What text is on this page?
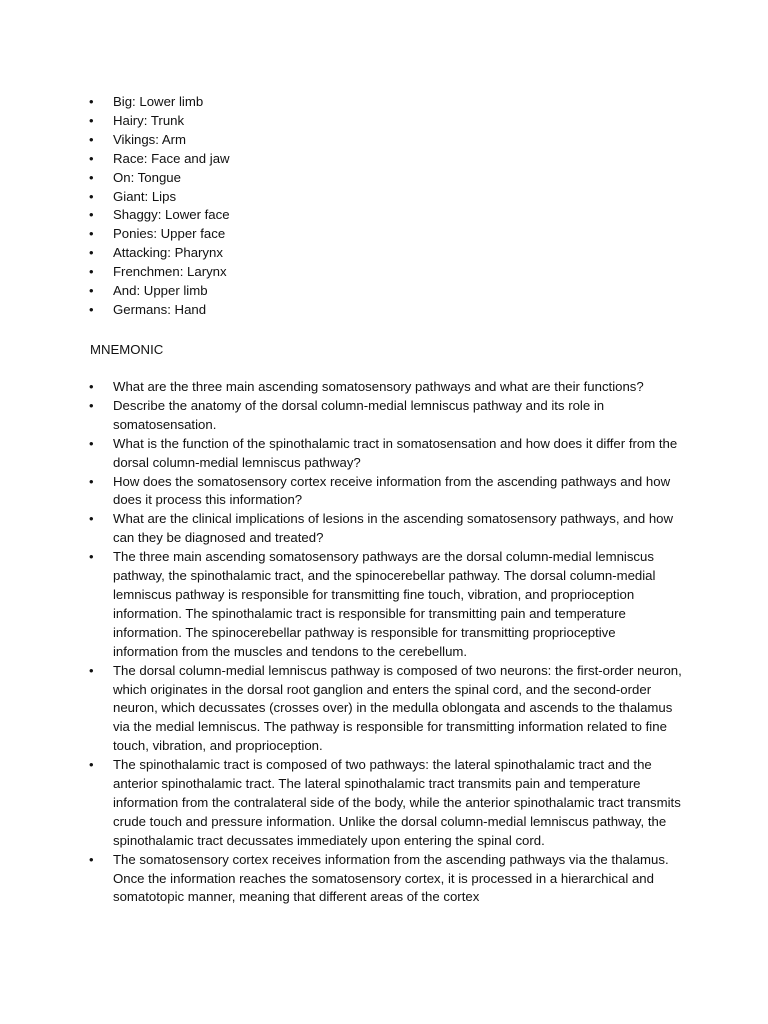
• Big: Lower limb
• Hairy: Trunk
• Vikings: Arm
• Race: Face and jaw
• On: Tongue
• Giant: Lips
• Shaggy: Lower face
• Ponies: Upper face
• Attacking: Pharynx
• Frenchmen: Larynx
• And: Upper limb
• Germans: Hand

MNEMONIC

• What are the three main ascending somatosensory pathways and what are their functions?
• Describe the anatomy of the dorsal column-medial lemniscus pathway and its role in somatosensation.
• What is the function of the spinothalamic tract in somatosensation and how does it differ from the dorsal column-medial lemniscus pathway?
• How does the somatosensory cortex receive information from the ascending pathways and how does it process this information?
• What are the clinical implications of lesions in the ascending somatosensory pathways, and how can they be diagnosed and treated?
• The three main ascending somatosensory pathways are the dorsal column-medial lemniscus pathway, the spinothalamic tract, and the spinocerebellar pathway. The dorsal column-medial lemniscus pathway is responsible for transmitting fine touch, vibration, and proprioception information. The spinothalamic tract is responsible for transmitting pain and temperature information. The spinocerebellar pathway is responsible for transmitting proprioceptive information from the muscles and tendons to the cerebellum.
• The dorsal column-medial lemniscus pathway is composed of two neurons: the first-order neuron, which originates in the dorsal root ganglion and enters the spinal cord, and the second-order neuron, which decussates (crosses over) in the medulla oblongata and ascends to the thalamus via the medial lemniscus. The pathway is responsible for transmitting information related to fine touch, vibration, and proprioception.
• The spinothalamic tract is composed of two pathways: the lateral spinothalamic tract and the anterior spinothalamic tract. The lateral spinothalamic tract transmits pain and temperature information from the contralateral side of the body, while the anterior spinothalamic tract transmits crude touch and pressure information. Unlike the dorsal column-medial lemniscus pathway, the spinothalamic tract decussates immediately upon entering the spinal cord.
• The somatosensory cortex receives information from the ascending pathways via the thalamus. Once the information reaches the somatosensory cortex, it is processed in a hierarchical and somatotopic manner, meaning that different areas of the cortex
